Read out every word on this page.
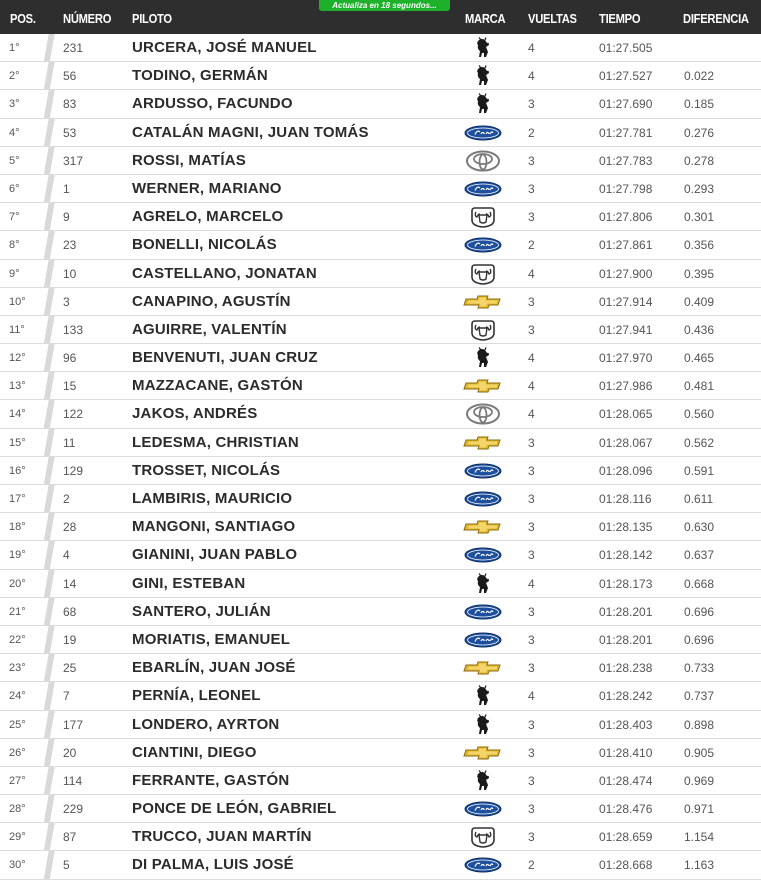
POS. NÚMERO PILOTO	MARCA VUELTAS TIEMPO	DIFERENCIA
Actualiza en 18 segundos...
1°	231	URCERA, JOSÉ MANUEL	4	01:27.505
2°	56	TODINO, GERMÁN	4	01:27.527	0.022
3°	83	ARDUSSO, FACUNDO	3	01:27.690	0.185
4°	53	CATALÁN MAGNI, JUAN TOMÁS	2	01:27.781	0.276
5°	317	ROSSI, MATÍAS	3	01:27.783	0.278
6°	1	WERNER, MARIANO	3	01:27.798	0.293
7°	9	AGRELO, MARCELO	3	01:27.806	0.301
8°	23	BONELLI, NICOLÁS	2	01:27.861	0.356
9°	10	CASTELLANO, JONATAN	4	01:27.900	0.395
10°	3	CANAPINO, AGUSTÍN	3	01:27.914	0.409
11°	133	AGUIRRE, VALENTÍN	3	01:27.941	0.436
12°	96	BENVENUTI, JUAN CRUZ	4	01:27.970	0.465
13°	15	MAZZACANE, GASTÓN	4	01:27.986	0.481
14°	122	JAKOS, ANDRÉS	4	01:28.065	0.560
15°	11	LEDESMA, CHRISTIAN	3	01:28.067	0.562
16°	129	TROSSET, NICOLÁS	3	01:28.096	0.591
17°	2	LAMBIRIS, MAURICIO	3	01:28.116	0.611
18°	28	MANGONI, SANTIAGO	3	01:28.135	0.630
19°	4	GIANINI, JUAN PABLO	3	01:28.142	0.637
20°	14	GINI, ESTEBAN	4	01:28.173	0.668
21°	68	SANTERO, JULIÁN	3	01:28.201	0.696
22°	19	MORIATIS, EMANUEL	3	01:28.201	0.696
23°	25	EBARLÍN, JUAN JOSÉ	3	01:28.238	0.733
24°	7	PERNÍA, LEONEL	4	01:28.242	0.737
25°	177	LONDERO, AYRTON	3	01:28.403	0.898
26°	20	CIANTINI, DIEGO	3	01:28.410	0.905
27°	114	FERRANTE, GASTÓN	3	01:28.474	0.969
28°	229	PONCE DE LEÓN, GABRIEL	3	01:28.476	0.971
29°	87	TRUCCO, JUAN MARTÍN	3	01:28.659	1.154
30°	5	DI PALMA, LUIS JOSÉ	2	01:28.668	1.163
